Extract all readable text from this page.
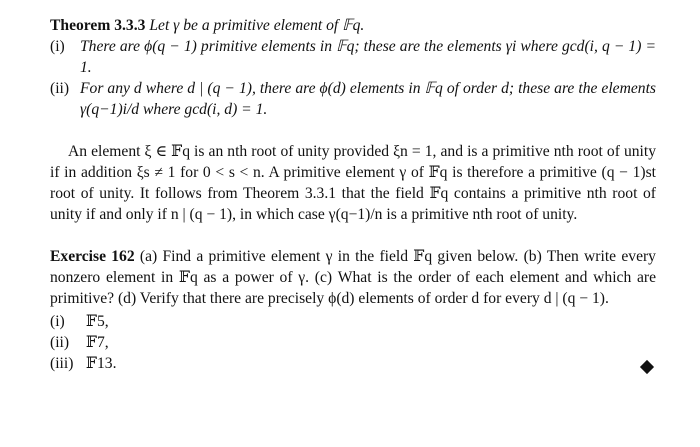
Theorem 3.3.3 Let γ be a primitive element of 𝔽q.
(i) There are ϕ(q − 1) primitive elements in 𝔽q; these are the elements γi where gcd(i, q − 1) = 1.
(ii) For any d where d | (q − 1), there are ϕ(d) elements in 𝔽q of order d; these are the elements γ(q−1)i/d where gcd(i, d) = 1.

An element ξ ∈ 𝔽q is an nth root of unity provided ξn = 1, and is a primitive nth root of unity if in addition ξs ≠ 1 for 0 < s < n. A primitive element γ of 𝔽q is therefore a primitive (q − 1)st root of unity. It follows from Theorem 3.3.1 that the field 𝔽q contains a primitive nth root of unity if and only if n | (q − 1), in which case γ(q−1)/n is a primitive nth root of unity.

Exercise 162 (a) Find a primitive element γ in the field 𝔽q given below. (b) Then write every nonzero element in 𝔽q as a power of γ. (c) What is the order of each element and which are primitive? (d) Verify that there are precisely ϕ(d) elements of order d for every d | (q − 1).
(i) 𝔽5,
(ii) 𝔽7,
(iii) 𝔽13.
